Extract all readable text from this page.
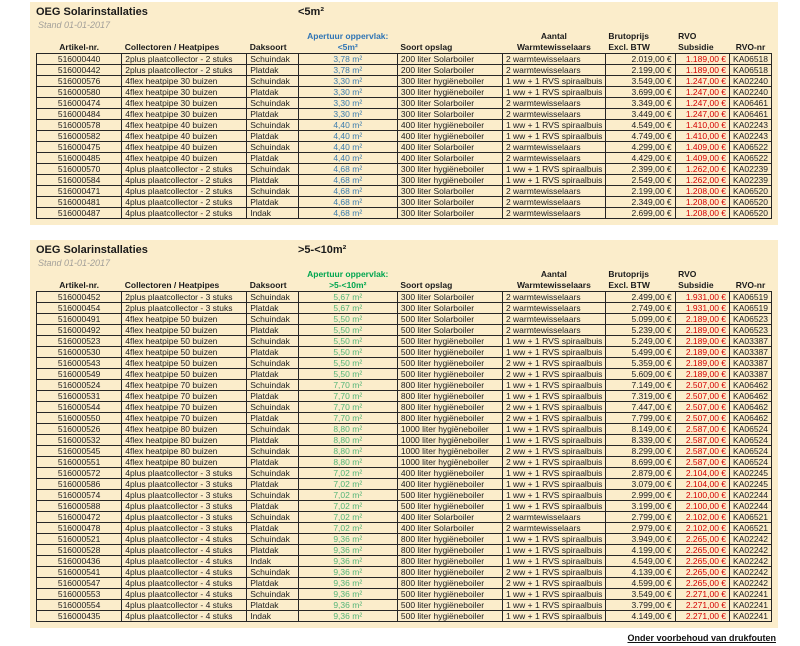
OEG Solarinstallaties	<5m²
Stand 01-01-2017
			Apertuur oppervlak:		Aantal	Brutoprijs	RVO	
Artikel-nr.	Collectoren / Heatpipes	Daksoort	<5m²	Soort opslag	Warmtewisselaars	Excl. BTW	Subsidie	RVO-nr
516000440	2plus plaatcollector - 2 stuks	Schuindak	3,78 m²	200 liter Solarboiler	2 warmtewisselaars	2.019,00 €	1.189,00 €	KA06518
516000442	2plus plaatcollector - 2 stuks	Platdak	3,78 m²	200 liter Solarboiler	2 warmtewisselaars	2.199,00 €	1.189,00 €	KA06518
516000576	4flex heatpipe 30 buizen	Schuindak	3,30 m²	300 liter hygiëneboiler	1 ww + 1 RVS spiraalbuis	3.549,00 €	1.247,00 €	KA02240
516000580	4flex heatpipe 30 buizen	Platdak	3,30 m²	300 liter hygiëneboiler	1 ww + 1 RVS spiraalbuis	3.699,00 €	1.247,00 €	KA02240
516000474	4flex heatpipe 30 buizen	Schuindak	3,30 m²	300 liter Solarboiler	2 warmtewisselaars	3.349,00 €	1.247,00 €	KA06461
516000484	4flex heatpipe 30 buizen	Platdak	3,30 m²	300 liter Solarboiler	2 warmtewisselaars	3.449,00 €	1.247,00 €	KA06461
516000578	4flex heatpipe 40 buizen	Schuindak	4,40 m²	400 liter hygiëneboiler	1 ww + 1 RVS spiraalbuis	4.549,00 €	1.410,00 €	KA02243
516000582	4flex heatpipe 40 buizen	Platdak	4,40 m²	400 liter hygiëneboiler	1 ww + 1 RVS spiraalbuis	4.749,00 €	1.410,00 €	KA02243
516000475	4flex heatpipe 40 buizen	Schuindak	4,40 m²	400 liter Solarboiler	2 warmtewisselaars	4.299,00 €	1.409,00 €	KA06522
516000485	4flex heatpipe 40 buizen	Platdak	4,40 m²	400 liter Solarboiler	2 warmtewisselaars	4.429,00 €	1.409,00 €	KA06522
516000570	4plus plaatcollector - 2 stuks	Schuindak	4,68 m²	300 liter hygiëneboiler	1 ww + 1 RVS spiraalbuis	2.399,00 €	1.262,00 €	KA02239
516000584	4plus plaatcollector - 2 stuks	Platdak	4,68 m²	300 liter hygiëneboiler	1 ww + 1 RVS spiraalbuis	2.549,00 €	1.262,00 €	KA02239
516000471	4plus plaatcollector - 2 stuks	Schuindak	4,68 m²	300 liter Solarboiler	2 warmtewisselaars	2.199,00 €	1.208,00 €	KA06520
516000481	4plus plaatcollector - 2 stuks	Platdak	4,68 m²	300 liter Solarboiler	2 warmtewisselaars	2.349,00 €	1.208,00 €	KA06520
516000487	4plus plaatcollector - 2 stuks	Indak	4,68 m²	300 liter Solarboiler	2 warmtewisselaars	2.699,00 €	1.208,00 €	KA06520
OEG Solarinstallaties	>5-<10m²
Stand 01-01-2017
			Apertuur oppervlak:		Aantal	Brutoprijs	RVO	
Artikel-nr.	Collectoren / Heatpipes	Daksoort	>5-<10m²	Soort opslag	Warmtewisselaars	Excl. BTW	Subsidie	RVO-nr
516000452	2plus plaatcollector - 3 stuks	Schuindak	5,67 m²	300 liter Solarboiler	2 warmtewisselaars	2.499,00 €	1.931,00 €	KA06519
516000454	2plus plaatcollector - 3 stuks	Platdak	5,67 m²	300 liter Solarboiler	2 warmtewisselaars	2.749,00 €	1.931,00 €	KA06519
516000491	4flex heatpipe 50 buizen	Schuindak	5,50 m²	500 liter Solarboiler	2 warmtewisselaars	5.099,00 €	2.189,00 €	KA06523
516000492	4flex heatpipe 50 buizen	Platdak	5,50 m²	500 liter Solarboiler	2 warmtewisselaars	5.239,00 €	2.189,00 €	KA06523
516000523	4flex heatpipe 50 buizen	Schuindak	5,50 m²	500 liter hygiëneboiler	1 ww + 1 RVS spiraalbuis	5.249,00 €	2.189,00 €	KA03387
516000530	4flex heatpipe 50 buizen	Platdak	5,50 m²	500 liter hygiëneboiler	1 ww + 1 RVS spiraalbuis	5.499,00 €	2.189,00 €	KA03387
516000543	4flex heatpipe 50 buizen	Schuindak	5,50 m²	500 liter hygiëneboiler	2 ww + 1 RVS spiraalbuis	5.359,00 €	2.189,00 €	KA03387
516000549	4flex heatpipe 50 buizen	Platdak	5,50 m²	500 liter hygiëneboiler	2 ww + 1 RVS spiraalbuis	5.609,00 €	2.189,00 €	KA03387
516000524	4flex heatpipe 70 buizen	Schuindak	7,70 m²	800 liter hygiëneboiler	1 ww + 1 RVS spiraalbuis	7.149,00 €	2.507,00 €	KA06462
516000531	4flex heatpipe 70 buizen	Platdak	7,70 m²	800 liter hygiëneboiler	1 ww + 1 RVS spiraalbuis	7.319,00 €	2.507,00 €	KA06462
516000544	4flex heatpipe 70 buizen	Schuindak	7,70 m²	800 liter hygiëneboiler	2 ww + 1 RVS spiraalbuis	7.447,00 €	2.507,00 €	KA06462
516000550	4flex heatpipe 70 buizen	Platdak	7,70 m²	800 liter hygiëneboiler	2 ww + 1 RVS spiraalbuis	7.799,00 €	2.507,00 €	KA06462
516000526	4flex heatpipe 80 buizen	Schuindak	8,80 m²	1000 liter hygiëneboiler	1 ww + 1 RVS spiraalbuis	8.149,00 €	2.587,00 €	KA06524
516000532	4flex heatpipe 80 buizen	Platdak	8,80 m²	1000 liter hygiëneboiler	1 ww + 1 RVS spiraalbuis	8.339,00 €	2.587,00 €	KA06524
516000545	4flex heatpipe 80 buizen	Schuindak	8,80 m²	1000 liter hygiëneboiler	2 ww + 1 RVS spiraalbuis	8.299,00 €	2.587,00 €	KA06524
516000551	4flex heatpipe 80 buizen	Platdak	8,80 m²	1000 liter hygiëneboiler	2 ww + 1 RVS spiraalbuis	8.699,00 €	2.587,00 €	KA06524
516000572	4plus plaatcollector - 3 stuks	Schuindak	7,02 m²	400 liter hygiëneboiler	1 ww + 1 RVS spiraalbuis	2.879,00 €	2.104,00 €	KA02245
516000586	4plus plaatcollector - 3 stuks	Platdak	7,02 m²	400 liter hygiëneboiler	1 ww + 1 RVS spiraalbuis	3.079,00 €	2.104,00 €	KA02245
516000574	4plus plaatcollector - 3 stuks	Schuindak	7,02 m²	500 liter hygiëneboiler	1 ww + 1 RVS spiraalbuis	2.999,00 €	2.100,00 €	KA02244
516000588	4plus plaatcollector - 3 stuks	Platdak	7,02 m²	500 liter hygiëneboiler	1 ww + 1 RVS spiraalbuis	3.199,00 €	2.100,00 €	KA02244
516000472	4plus plaatcollector - 3 stuks	Schuindak	7,02 m²	400 liter Solarboiler	2 warmtewisselaars	2.799,00 €	2.102,00 €	KA06521
516000478	4plus plaatcollector - 3 stuks	Platdak	7,02 m²	400 liter Solarboiler	2 warmtewisselaars	2.979,00 €	2.102,00 €	KA06521
516000521	4plus plaatcollector - 4 stuks	Schuindak	9,36 m²	800 liter hygiëneboiler	1 ww + 1 RVS spiraalbuis	3.949,00 €	2.265,00 €	KA02242
516000528	4plus plaatcollector - 4 stuks	Platdak	9,36 m²	800 liter hygiëneboiler	1 ww + 1 RVS spiraalbuis	4.199,00 €	2.265,00 €	KA02242
516000436	4plus plaatcollector - 4 stuks	Indak	9,36 m²	800 liter hygiëneboiler	1 ww + 1 RVS spiraalbuis	4.549,00 €	2.265,00 €	KA02242
516000541	4plus plaatcollector - 4 stuks	Schuindak	9,36 m²	800 liter hygiëneboiler	2 ww + 1 RVS spiraalbuis	4.139,00 €	2.265,00 €	KA02242
516000547	4plus plaatcollector - 4 stuks	Platdak	9,36 m²	800 liter hygiëneboiler	2 ww + 1 RVS spiraalbuis	4.599,00 €	2.265,00 €	KA02242
516000553	4plus plaatcollector - 4 stuks	Schuindak	9,36 m²	500 liter hygiëneboiler	1 ww + 1 RVS spiraalbuis	3.549,00 €	2.271,00 €	KA02241
516000554	4plus plaatcollector - 4 stuks	Platdak	9,36 m²	500 liter hygiëneboiler	1 ww + 1 RVS spiraalbuis	3.799,00 €	2.271,00 €	KA02241
516000435	4plus plaatcollector - 4 stuks	Indak	9,36 m²	500 liter hygiëneboiler	1 ww + 1 RVS spiraalbuis	4.149,00 €	2.271,00 €	KA02241
Onder voorbehoud van drukfouten
